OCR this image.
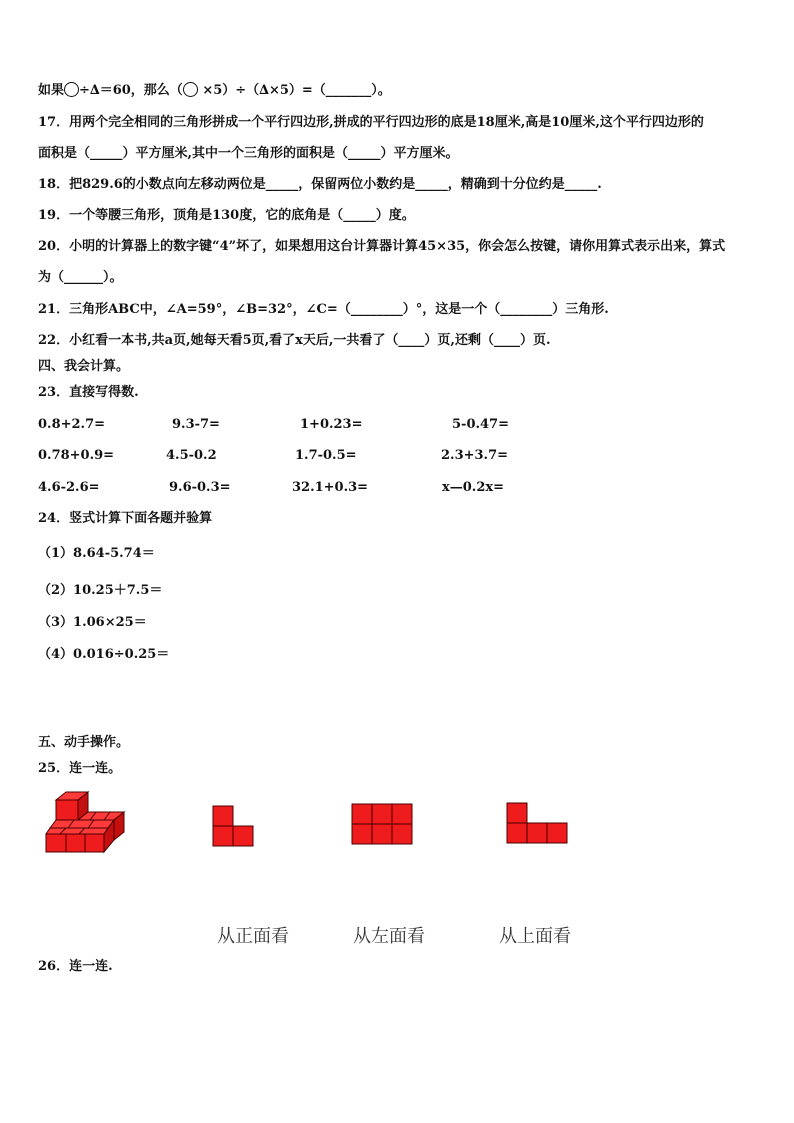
如果 ÷∆＝60，那么（ ×5）÷（∆×5）=（_______）。
17．用两个完全相同的三角形拼成一个平行四边形,拼成的平行四边形的底是18厘米,高是10厘米,这个平行四边形的
面积是（_____）平方厘米,其中一个三角形的面积是（_____）平方厘米。
18．把829.6的小数点向左移动两位是_____，保留两位小数约是_____，精确到十分位约是_____.
19．一个等腰三角形，顶角是130度，它的底角是（_____）度。
20．小明的计算器上的数字键“4”坏了，如果想用这台计算器计算45×35，你会怎么按键，请你用算式表示出来，算式
为（______）。
21．三角形ABC中，∠A=59°，∠B=32°，∠C=（________）°，这是一个（________）三角形.
22．小红看一本书,共a页,她每天看5页,看了x天后,一共看了（____）页,还剩（____）页.
四、我会计算。
23．直接写得数.
0.8+2.7=	9.3-7=	1+0.23=	5-0.47=
0.78+0.9=	4.5-0.2	1.7-0.5=	2.3+3.7=
4.6-2.6=	9.6-0.3=	32.1+0.3=	x—0.2x=
24．竖式计算下面各题并验算
（1）8.64-5.74＝
（2）10.25＋7.5＝
（3）1.06×25＝
（4）0.016÷0.25＝
五、动手操作。
25．连一连。
从正面看	从左面看	从上面看
26．连一连.
